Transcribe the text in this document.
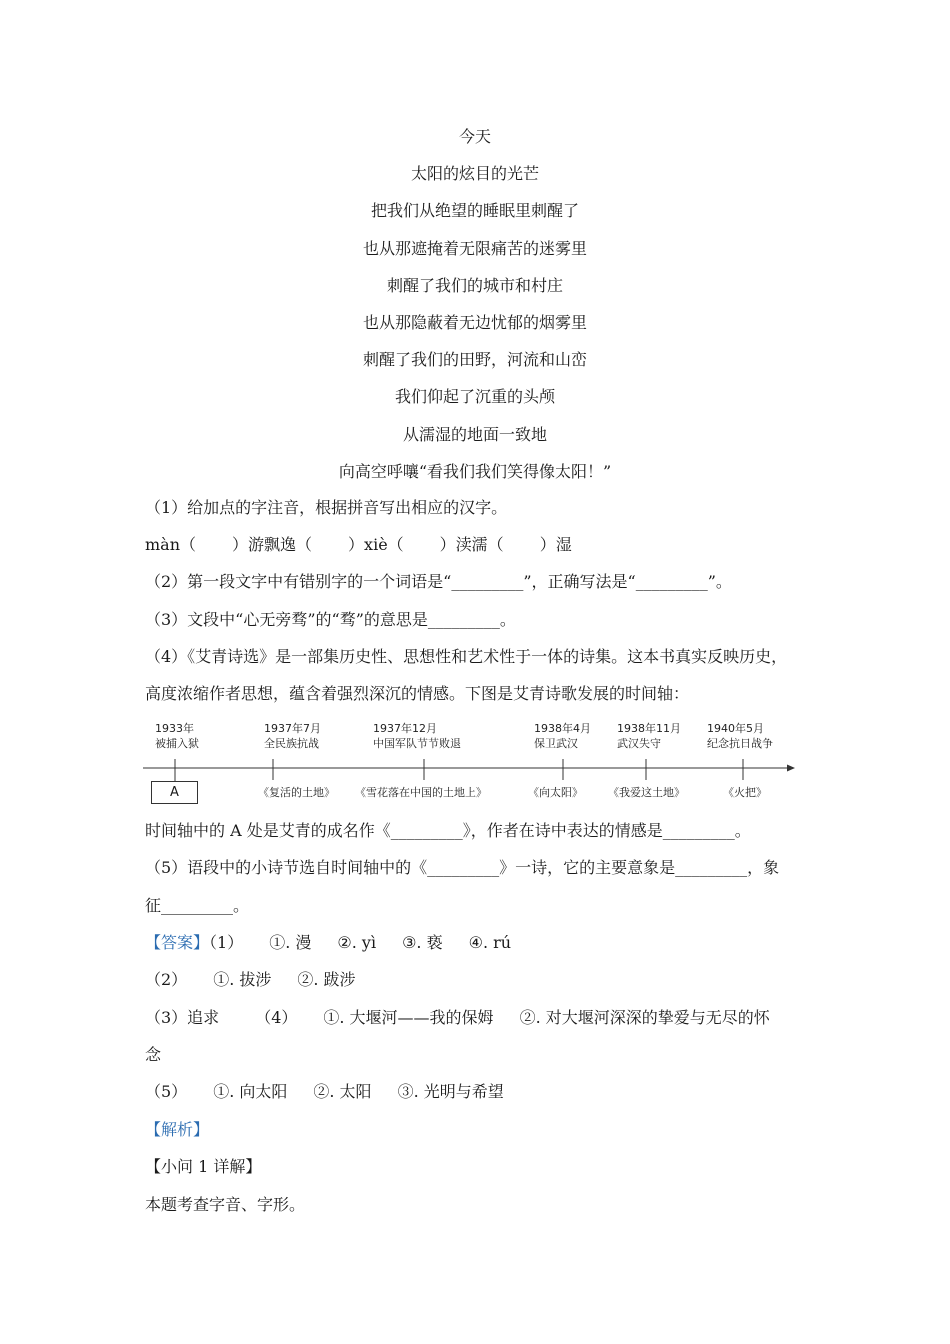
今天
太阳的炫目的光芒
把我们从绝望的睡眠里刺醒了
也从那遮掩着无限痛苦的迷雾里
刺醒了我们的城市和村庄
也从那隐蔽着无边忧郁的烟雾里
刺醒了我们的田野，河流和山峦
我们仰起了沉重的头颅
从濡湿的地面一致地
向高空呼嚷“看我们我们笑得像太阳！”
（1）给加点的字注音，根据拼音写出相应的汉字。
màn（ ）游飘逸（ ）xiè（ ）渎濡（ ）湿
（2）第一段文字中有错别字的一个词语是“_________”，正确写法是“_________”。
（3）文段中“心无旁骛”的“骛”的意思是_________。
（4）《艾青诗选》是一部集历史性、思想性和艺术性于一体的诗集。这本书真实反映历史，
高度浓缩作者思想，蕴含着强烈深沉的情感。下图是艾青诗歌发展的时间轴：
1933年
被捕入狱
1937年7月
全民族抗战
1937年12月
中国军队节节败退
1938年4月
保卫武汉
1938年11月
武汉失守
1940年5月
纪念抗日战争
A	《复活的土地》 《雪花落在中国的土地上》	《向太阳》 《我爱这土地》	《火把》
时间轴中的 A 处是艾青的成名作《_________》，作者在诗中表达的情感是_________。
（5）语段中的小诗节选自时间轴中的《_________》一诗，它的主要意象是_________，象
征_________。
【答案】（1） ①. 漫 ②. yì ③. 亵 ④. rú
（2） ①. 拔涉 ②. 跋涉
（3）追求 （4） ①. 大堰河——我的保姆 ②. 对大堰河深深的挚爱与无尽的怀
念
（5） ①. 向太阳 ②. 太阳 ③. 光明与希望
【解析】
【小问 1 详解】
本题考查字音、字形。
